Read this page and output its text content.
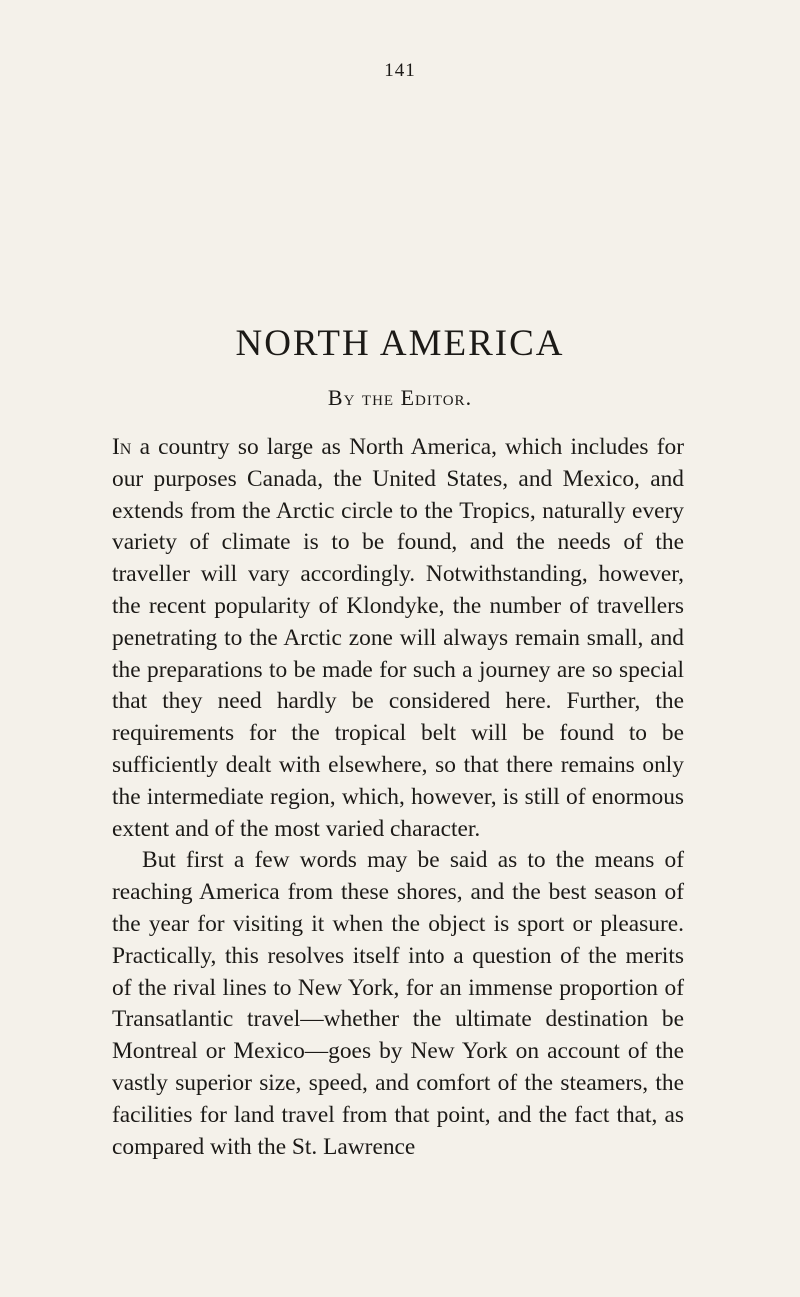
141
NORTH AMERICA
By the Editor.

In a country so large as North America, which includes for our purposes Canada, the United States, and Mexico, and extends from the Arctic circle to the Tropics, naturally every variety of climate is to be found, and the needs of the traveller will vary accordingly. Notwithstanding, however, the recent popularity of Klondyke, the number of travellers penetrating to the Arctic zone will always remain small, and the preparations to be made for such a journey are so special that they need hardly be considered here. Further, the requirements for the tropical belt will be found to be sufficiently dealt with elsewhere, so that there remains only the intermediate region, which, however, is still of enormous extent and of the most varied character.

But first a few words may be said as to the means of reaching America from these shores, and the best season of the year for visiting it when the object is sport or pleasure. Practically, this resolves itself into a question of the merits of the rival lines to New York, for an immense proportion of Transatlantic travel—whether the ultimate destination be Montreal or Mexico—goes by New York on account of the vastly superior size, speed, and comfort of the steamers, the facilities for land travel from that point, and the fact that, as compared with the St. Lawrence
